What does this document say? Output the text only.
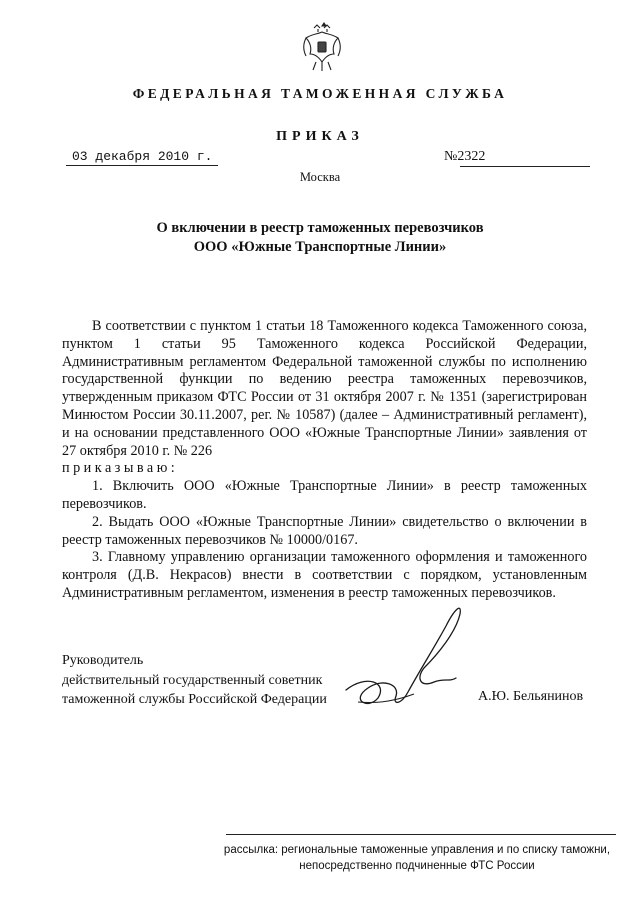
ФЕДЕРАЛЬНАЯ ТАМОЖЕННАЯ СЛУЖБА
ПРИКАЗ
03 декабря 2010 г.	№2322
Москва
О включении в реестр таможенных перевозчиков
ООО «Южные Транспортные Линии»

В соответствии с пунктом 1 статьи 18 Таможенного кодекса Таможенного союза, пунктом 1 статьи 95 Таможенного кодекса Российской Федерации, Административным регламентом Федеральной таможенной службы по исполнению государственной функции по ведению реестра таможенных перевозчиков, утвержденным приказом ФТС России от 31 октября 2007 г. № 1351 (зарегистрирован Минюстом России 30.11.2007, рег. № 10587) (далее – Административный регламент), и на основании представленного ООО «Южные Транспортные Линии» заявления от 27 октября 2010 г. № 226

приказываю:

1. Включить ООО «Южные Транспортные Линии» в реестр таможенных перевозчиков.

2. Выдать ООО «Южные Транспортные Линии» свидетельство о включении в реестр таможенных перевозчиков № 10000/0167.

3. Главному управлению организации таможенного оформления и таможенного контроля (Д.В. Некрасов) внести в соответствии с порядком, установленным Административным регламентом, изменения в реестр таможенных перевозчиков.

Руководитель
действительный государственный советник
таможенной службы Российской Федерации	А.Ю. Бельянинов
рассылка: региональные таможенные управления и по списку таможни,
непосредственно подчиненные ФТС России
